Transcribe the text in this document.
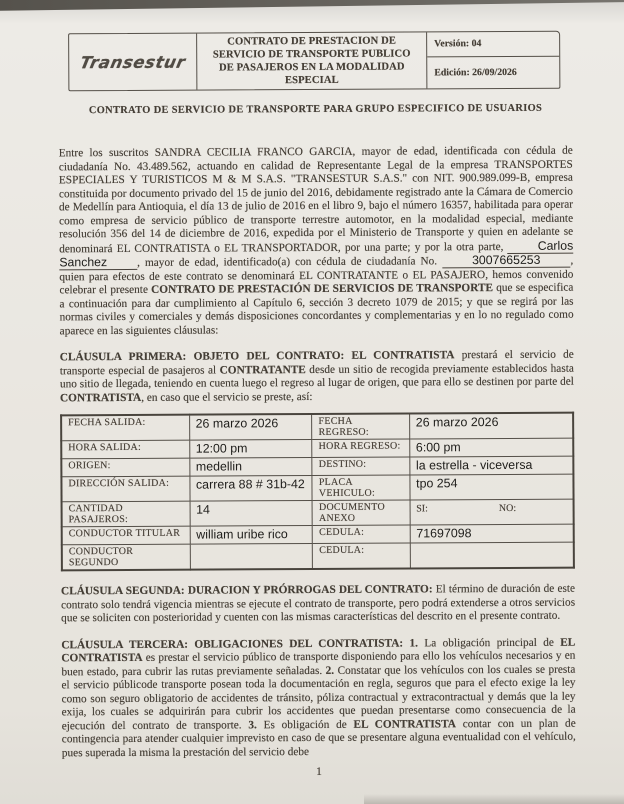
Transestur
CONTRATO DE PRESTACION DE SERVICIO DE TRANSPORTE PUBLICO DE PASAJEROS EN LA MODALIDAD ESPECIAL
Versión: 04
Edición: 26/09/2026
CONTRATO DE SERVICIO DE TRANSPORTE PARA GRUPO ESPECIFICO DE USUARIOS

Entre los suscritos SANDRA CECILIA FRANCO GARCIA, mayor de edad, identificada con cédula de ciudadanía No. 43.489.562, actuando en calidad de Representante Legal de la empresa TRANSPORTES ESPECIALES Y TURISTICOS M & M S.A.S. "TRANSESTUR S.A.S." con NIT. 900.989.099-B, empresa constituida por documento privado del 15 de junio del 2016, debidamente registrado ante la Cámara de Comercio de Medellín para Antioquia, el día 13 de julio de 2016 en el libro 9, bajo el número 16357, habilitada para operar como empresa de servicio público de transporte terrestre automotor, en la modalidad especial, mediante resolución 356 del 14 de diciembre de 2016, expedida por el Ministerio de Transporte y quien en adelante se denominará EL CONTRATISTA o EL TRANSPORTADOR, por una parte; y por la otra parte, Carlos Sanchez	, mayor de edad, identificado(a) con cédula de ciudadanía No. 3007665253	, quien para efectos de este contrato se denominará EL CONTRATANTE o EL PASAJERO, hemos convenido celebrar el presente CONTRATO DE PRESTACIÓN DE SERVICIOS DE TRANSPORTE que se especifica a continuación para dar cumplimiento al Capítulo 6, sección 3 decreto 1079 de 2015; y que se regirá por las normas civiles y comerciales y demás disposiciones concordantes y complementarias y en lo no regulado como aparece en las siguientes cláusulas:

CLÁUSULA PRIMERA: OBJETO DEL CONTRATO: EL CONTRATISTA prestará el servicio de transporte especial de pasajeros al CONTRATANTE desde un sitio de recogida previamente establecidos hasta uno sitio de llegada, teniendo en cuenta luego el regreso al lugar de origen, que para ello se destinen por parte del CONTRATISTA, en caso que el servicio se preste, así:

FECHA SALIDA:	26 marzo 2026	FECHA REGRESO:	26 marzo 2026
HORA SALIDA:	12:00 pm	HORA REGRESO:	6:00 pm
ORIGEN:	medellin	DESTINO:	la estrella - viceversa
DIRECCIÓN SALIDA:	carrera 88 # 31b-42	PLACA VEHICULO:	tpo 254
CANTIDAD PASAJEROS:	14	DOCUMENTO ANEXO	SI: NO:

CONDUCTOR TITULAR	william uribe rico	CEDULA:	71697098
CONDUCTOR SEGUNDO		CEDULA:	

CLÁUSULA SEGUNDA: DURACION Y PRÓRROGAS DEL CONTRATO: El término de duración de este contrato solo tendrá vigencia mientras se ejecute el contrato de transporte, pero podrá extenderse a otros servicios que se soliciten con posterioridad y cuenten con las mismas características del descrito en el presente contrato.

CLÁUSULA TERCERA: OBLIGACIONES DEL CONTRATISTA: 1. La obligación principal de EL CONTRATISTA es prestar el servicio público de transporte disponiendo para ello los vehículos necesarios y en buen estado, para cubrir las rutas previamente señaladas. 2. Constatar que los vehículos con los cuales se presta el servicio públicode transporte posean toda la documentación en regla, seguros que para el efecto exige la ley como son seguro obligatorio de accidentes de tránsito, póliza contractual y extracontractual y demás que la ley exija, los cuales se adquirirán para cubrir los accidentes que puedan presentarse como consecuencia de la ejecución del contrato de transporte. 3. Es obligación de EL CONTRATISTA contar con un plan de contingencia para atender cualquier imprevisto en caso de que se presentare alguna eventualidad con el vehículo, pues superada la misma la prestación del servicio debe

1
